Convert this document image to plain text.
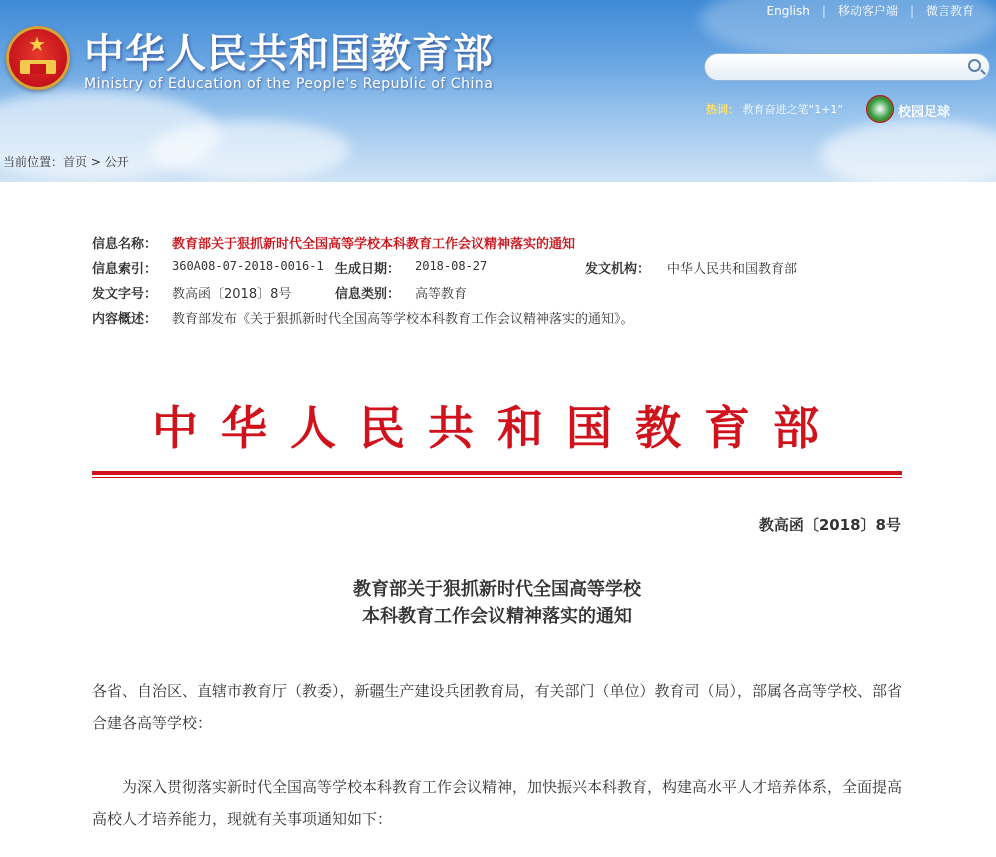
★ 中华人民共和国教育部
Ministry of Education of the People's Republic of China
English | 移动客户端 | 微言教育
热词： 教育奋进之笔“1+1”	校园足球
当前位置：首页 > 公开
信息名称： 教育部关于狠抓新时代全国高等学校本科教育工作会议精神落实的通知
信息索引： 360A08-07-2018-0016-1 生成日期： 2018-08-27	发文机构： 中华人民共和国教育部
发文字号： 教高函〔2018〕8号	信息类别： 高等教育
内容概述： 教育部发布《关于狠抓新时代全国高等学校本科教育工作会议精神落实的通知》。
中华人民共和国教育部
教高函〔2018〕8号
教育部关于狠抓新时代全国高等学校
本科教育工作会议精神落实的通知
各省、自治区、直辖市教育厅（教委），新疆生产建设兵团教育局，有关部门（单位）教育司（局），部属各高等学校、部省合建各高等学校：
为深入贯彻落实新时代全国高等学校本科教育工作会议精神，加快振兴本科教育，构建高水平人才培养体系，全面提高高校人才培养能力，现就有关事项通知如下：
